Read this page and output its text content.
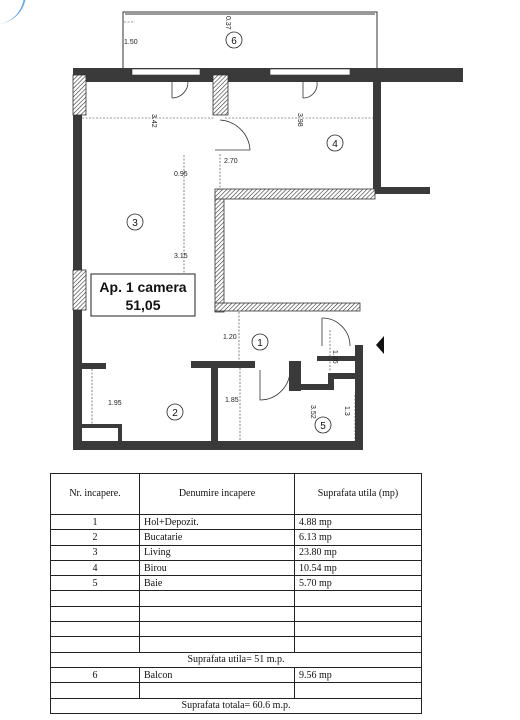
Ap. 1 camera
51,05
1
2
3
4
5
6
0.37
1.50
3.42	3.98
2.70
0.95
3.15
1.20
1.95	1.85
1.26
3.52	1.3
Nr. incapere.	Denumire incapere	Suprafata utila (mp)
1	Hol+Depozit.	4.88 mp
2	Bucatarie	6.13 mp
3	Living	23.80 mp
4	Birou	10.54 mp
5	Baie	5.70 mp

Suprafata utila= 51 m.p.		
6	Balcon	9.56 mp

Suprafata totala= 60.6 m.p.		
